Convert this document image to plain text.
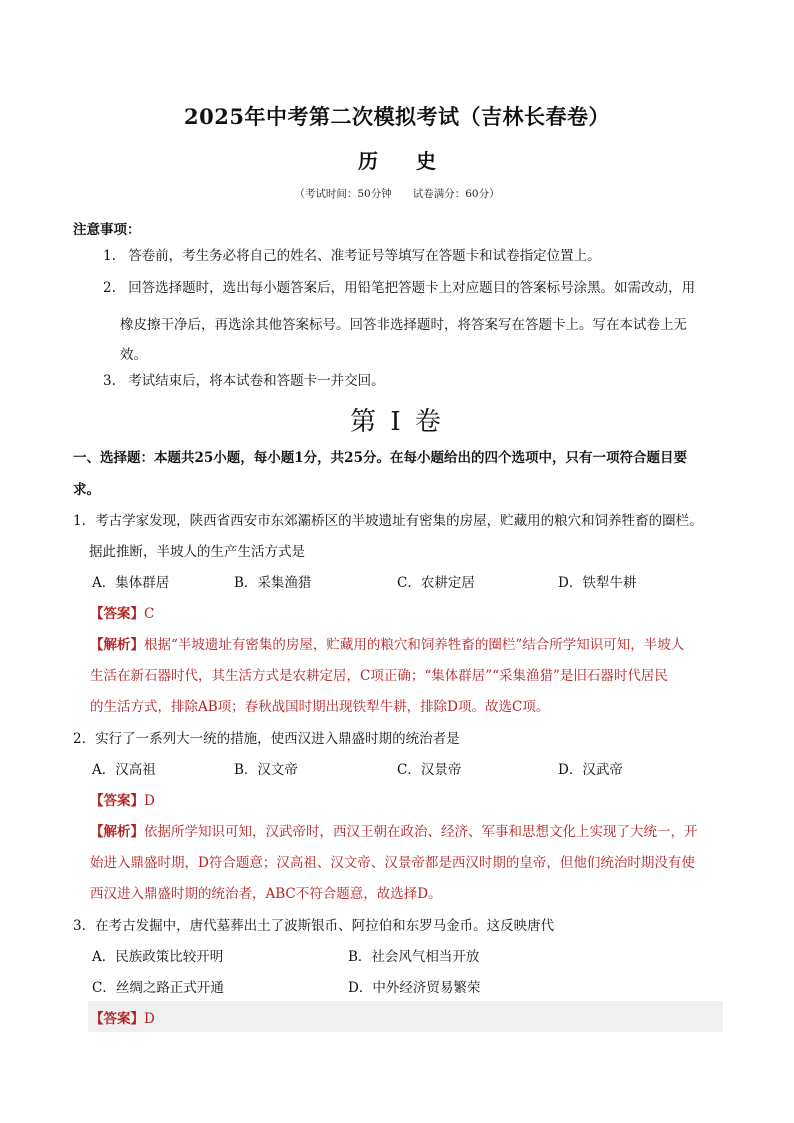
2025年中考第二次模拟考试（吉林长春卷）
历史
（考试时间：50分钟　　试卷满分：60分）
注意事项：
1. 答卷前，考生务必将自己的姓名、准考证号等填写在答题卡和试卷指定位置上。
2. 回答选择题时，选出每小题答案后，用铅笔把答题卡上对应题目的答案标号涂黑。如需改动，用
橡皮擦干净后，再选涂其他答案标号。回答非选择题时，将答案写在答题卡上。写在本试卷上无
效。
3. 考试结束后，将本试卷和答题卡一并交回。
第 I 卷
一、选择题：本题共25小题，每小题1分，共25分。在每小题给出的四个选项中，只有一项符合题目要
求。
1．考古学家发现，陕西省西安市东郊灞桥区的半坡遗址有密集的房屋，贮藏用的粮穴和饲养牲畜的圈栏。
据此推断，半坡人的生产生活方式是
A．集体群居	B．采集渔猎	C．农耕定居	D．铁犁牛耕
【答案】C
【解析】根据“半坡遗址有密集的房屋，贮藏用的粮穴和饲养牲畜的圈栏”结合所学知识可知，半坡人
生活在新石器时代，其生活方式是农耕定居，C项正确；“集体群居”“采集渔猎”是旧石器时代居民
的生活方式，排除AB项；春秋战国时期出现铁犁牛耕，排除D项。故选C项。
2．实行了一系列大一统的措施，使西汉进入鼎盛时期的统治者是
A．汉高祖	B．汉文帝	C．汉景帝	D．汉武帝
【答案】D
【解析】依据所学知识可知，汉武帝时，西汉王朝在政治、经济、军事和思想文化上实现了大统一，开
始进入鼎盛时期，D符合题意；汉高祖、汉文帝、汉景帝都是西汉时期的皇帝，但他们统治时期没有使
西汉进入鼎盛时期的统治者，ABC不符合题意，故选择D。
3．在考古发掘中，唐代墓葬出土了波斯银币、阿拉伯和东罗马金币。这反映唐代
A．民族政策比较开明	B．社会风气相当开放
C．丝绸之路正式开通	D．中外经济贸易繁荣
【答案】D
